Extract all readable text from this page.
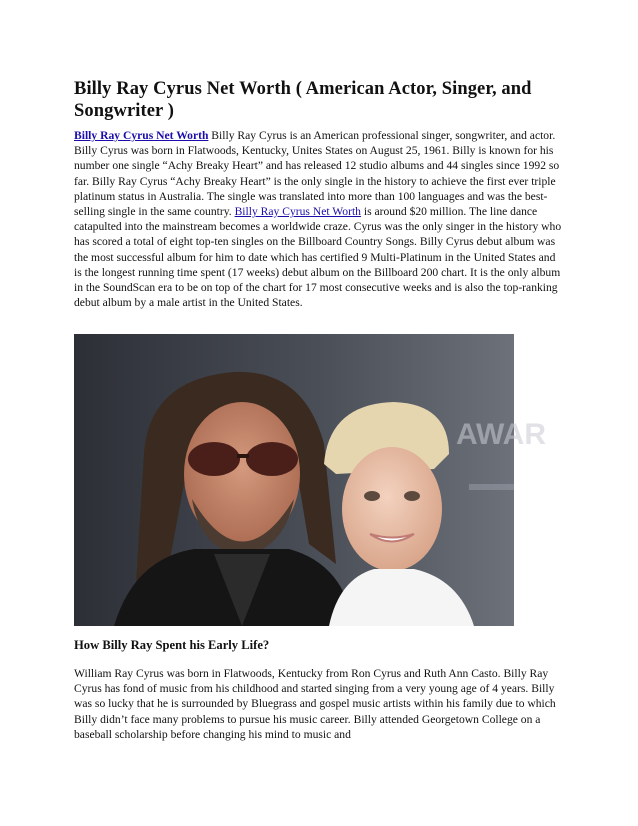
Billy Ray Cyrus Net Worth ( American Actor, Singer, and Songwriter )

Billy Ray Cyrus Net Worth Billy Ray Cyrus is an American professional singer, songwriter, and actor. Billy Cyrus was born in Flatwoods, Kentucky, Unites States on August 25, 1961. Billy is known for his number one single “Achy Breaky Heart” and has released 12 studio albums and 44 singles since 1992 so far. Billy Ray Cyrus “Achy Breaky Heart” is the only single in the history to achieve the first ever triple platinum status in Australia. The single was translated into more than 100 languages and was the best-selling single in the same country. Billy Ray Cyrus Net Worth is around $20 million. The line dance catapulted into the mainstream becomes a worldwide craze. Cyrus was the only singer in the history who has scored a total of eight top-ten singles on the Billboard Country Songs. Billy Cyrus debut album was the most successful album for him to date which has certified 9 Multi-Platinum in the United States and is the longest running time spent (17 weeks) debut album on the Billboard 200 chart. It is the only album in the SoundScan era to be on top of the chart for 17 most consecutive weeks and is also the top-ranking debut album by a male artist in the United States.

AWAR
How Billy Ray Spent his Early Life?

William Ray Cyrus was born in Flatwoods, Kentucky from Ron Cyrus and Ruth Ann Casto. Billy Ray Cyrus has fond of music from his childhood and started singing from a very young age of 4 years. Billy was so lucky that he is surrounded by Bluegrass and gospel music artists within his family due to which Billy didn’t face many problems to pursue his music career. Billy attended Georgetown College on a baseball scholarship before changing his mind to music and
